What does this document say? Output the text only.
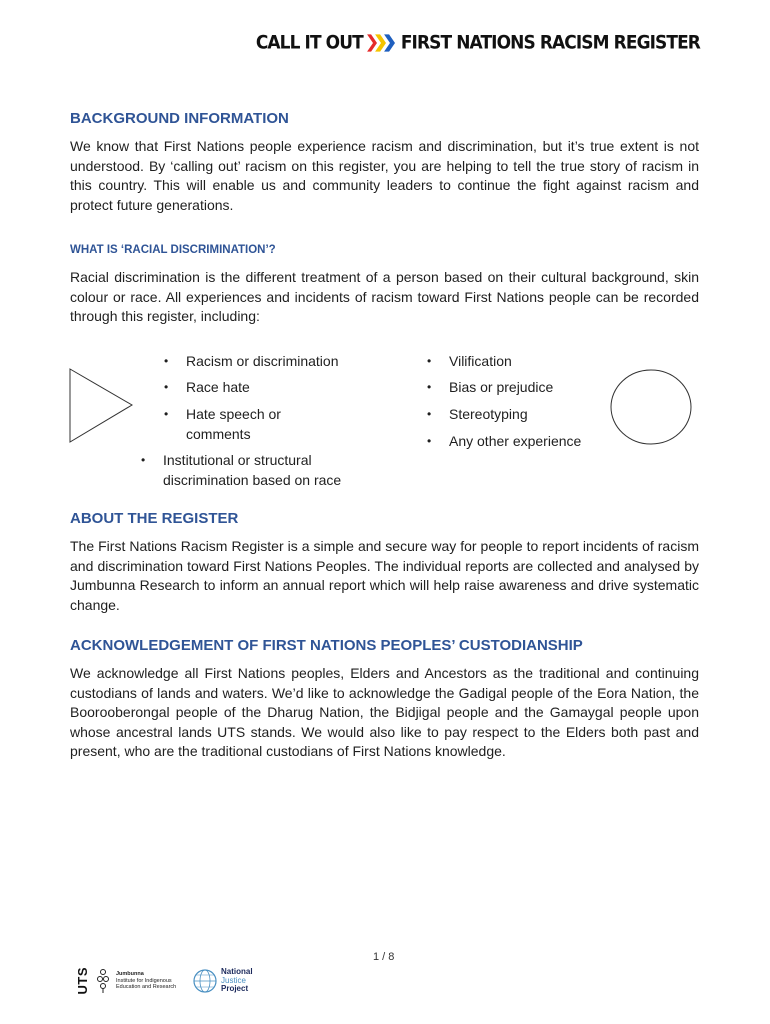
CALL IT OUT FIRST NATIONS RACISM REGISTER
BACKGROUND INFORMATION

We know that First Nations people experience racism and discrimination, but it’s true extent is not understood. By ‘calling out’ racism on this register, you are helping to tell the true story of racism in this country. This will enable us and community leaders to continue the fight against racism and protect future generations.

WHAT IS ‘RACIAL DISCRIMINATION’?

Racial discrimination is the different treatment of a person based on their cultural background, skin colour or race. All experiences and incidents of racism toward First Nations people can be recorded through this register, including:

• Racism or discrimination
• Race hate
• Hate speech or comments
• Institutional or structural discrimination based on race
• Vilification
• Bias or prejudice
• Stereotyping
• Any other experience
ABOUT THE REGISTER

The First Nations Racism Register is a simple and secure way for people to report incidents of racism and discrimination toward First Nations Peoples. The individual reports are collected and analysed by Jumbunna Research to inform an annual report which will help raise awareness and drive systematic change.

ACKNOWLEDGEMENT OF FIRST NATIONS PEOPLES’ CUSTODIANSHIP

We acknowledge all First Nations peoples, Elders and Ancestors as the traditional and continuing custodians of lands and waters. We’d like to acknowledge the Gadigal people of the Eora Nation, the Boorooberongal people of the Dharug Nation, the Bidjigal people and the Gamaygal people upon whose ancestral lands UTS stands. We would also like to pay respect to the Elders both past and present, who are the traditional custodians of First Nations knowledge.

1 / 8
UTS	Jumbunna
Institute for Indigenous
Education and Research
National
Justice
Project
